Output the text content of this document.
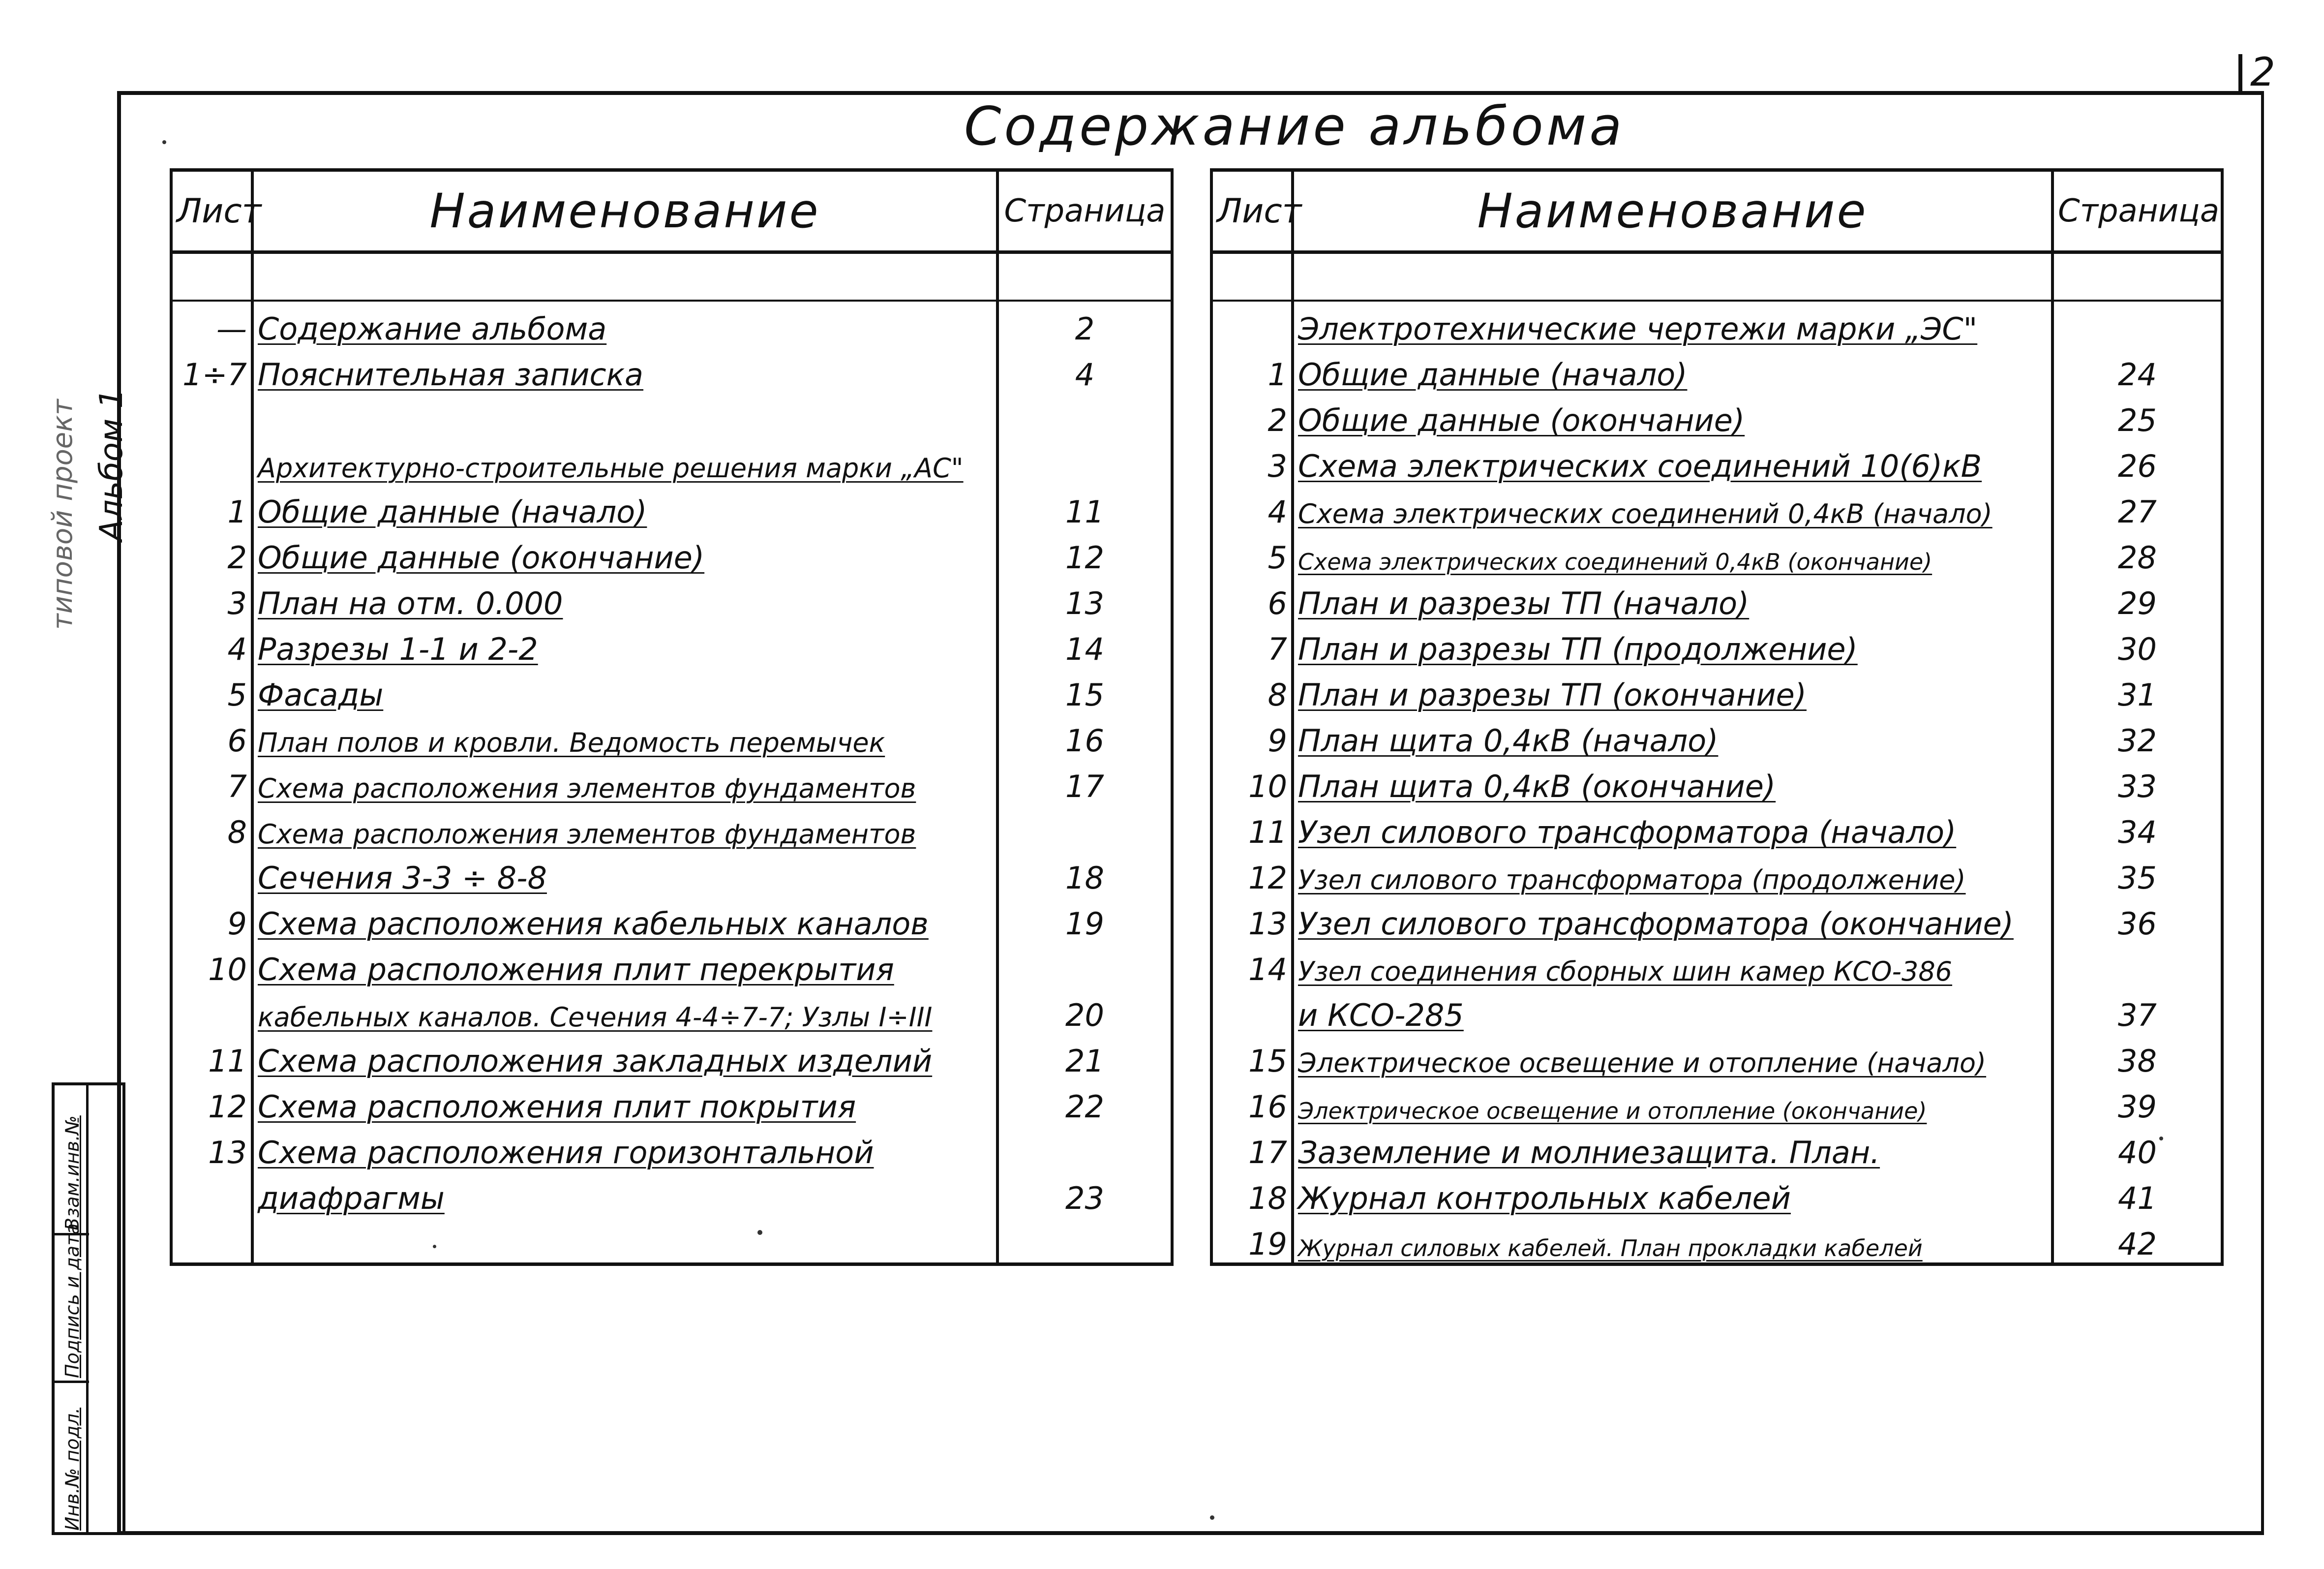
2
Альбом 1
типовой проект
Инв.№ подл.
Подпись и дата
Взам.инв.№
Содержание альбома
Лист	Наименование	Страница

—	Содержание альбома	2
1÷7	Пояснительная записка	4

	Архитектурно-строительные решения марки „АС"	
1	Общие данные (начало)	11
2	Общие данные (окончание)	12
3	План на отм. 0.000	13
4	Разрезы 1-1 и 2-2	14
5	Фасады	15
6	План полов и кровли. Ведомость перемычек	16
7	Схема расположения элементов фундаментов	17
8	Схема расположения элементов фундаментов	
	Сечения 3-3 ÷ 8-8	18
9	Схема расположения кабельных каналов	19
10	Схема расположения плит перекрытия	
	кабельных каналов. Сечения 4-4÷7-7; Узлы I÷III	20
11	Схема расположения закладных изделий	21
12	Схема расположения плит покрытия	22
13	Схема расположения горизонтальной	
	диафрагмы	23

Лист	Наименование	Страница

	Электротехнические чертежи марки „ЭС"	
1	Общие данные (начало)	24
2	Общие данные (окончание)	25
3	Схема электрических соединений 10(6)кВ	26
4	Схема электрических соединений 0,4кВ (начало)	27
5	Схема электрических соединений 0,4кВ (окончание)	28
6	План и разрезы ТП (начало)	29
7	План и разрезы ТП (продолжение)	30
8	План и разрезы ТП (окончание)	31
9	План щита 0,4кВ (начало)	32
10	План щита 0,4кВ (окончание)	33
11	Узел силового трансформатора (начало)	34
12	Узел силового трансформатора (продолжение)	35
13	Узел силового трансформатора (окончание)	36
14	Узел соединения сборных шин камер КСО-386	
	и КСО-285	37
15	Электрическое освещение и отопление (начало)	38
16	Электрическое освещение и отопление (окончание)	39
17	Заземление и молниезащита. План.	40
18	Журнал контрольных кабелей	41
19	Журнал силовых кабелей. План прокладки кабелей	42
